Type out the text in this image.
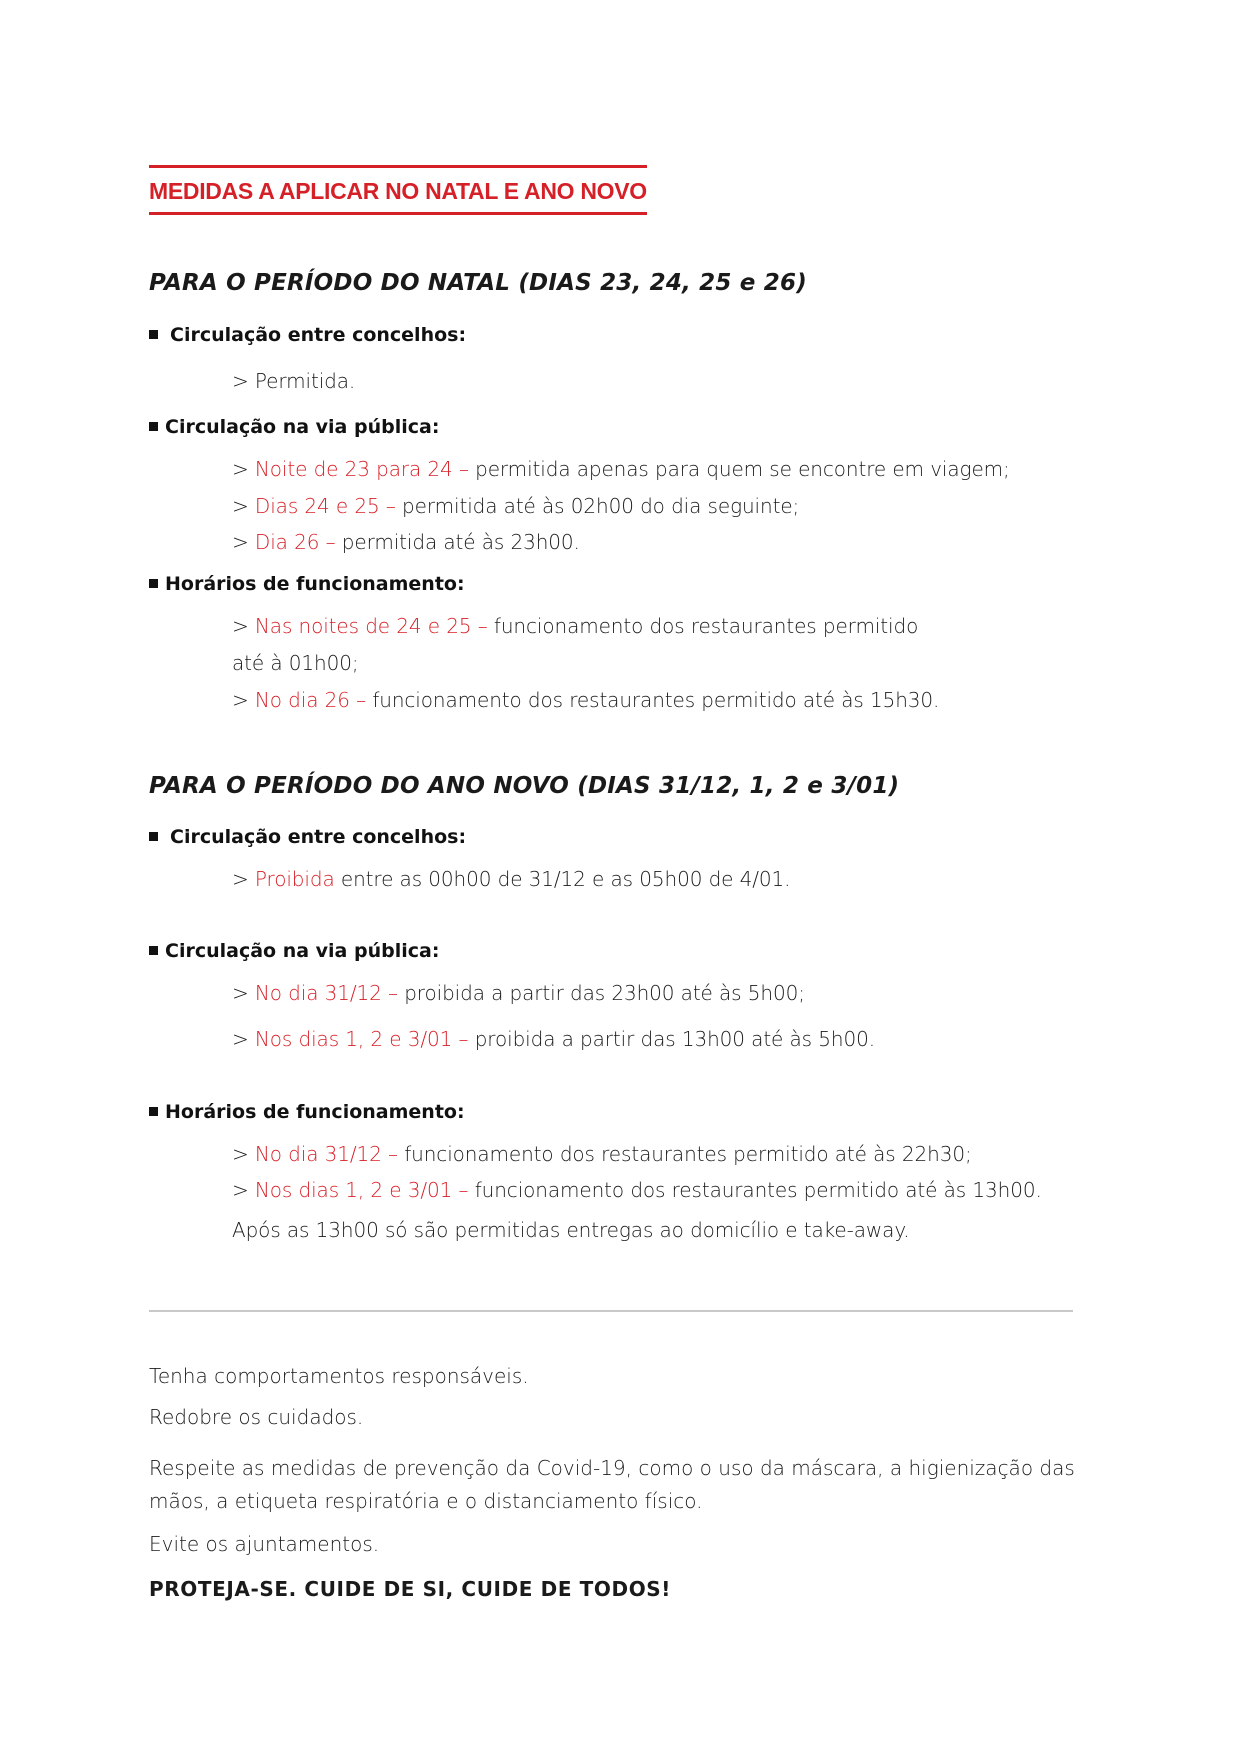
MEDIDAS A APLICAR NO NATAL E ANO NOVO
PARA O PERÍODO DO NATAL (DIAS 23, 24, 25 e 26)
Circulação entre concelhos:
> Permitida.
Circulação na via pública:
> Noite de 23 para 24 – permitida apenas para quem se encontre em viagem;
> Dias 24 e 25 – permitida até às 02h00 do dia seguinte;
> Dia 26 – permitida até às 23h00.
Horários de funcionamento:
> Nas noites de 24 e 25 – funcionamento dos restaurantes permitido
até à 01h00;
> No dia 26 – funcionamento dos restaurantes permitido até às 15h30.
PARA O PERÍODO DO ANO NOVO (DIAS 31/12, 1, 2 e 3/01)
Circulação entre concelhos:
> Proibida entre as 00h00 de 31/12 e as 05h00 de 4/01.
Circulação na via pública:
> No dia 31/12 – proibida a partir das 23h00 até às 5h00;
> Nos dias 1, 2 e 3/01 – proibida a partir das 13h00 até às 5h00.
Horários de funcionamento:
> No dia 31/12 – funcionamento dos restaurantes permitido até às 22h30;
> Nos dias 1, 2 e 3/01 – funcionamento dos restaurantes permitido até às 13h00.
Após as 13h00 só são permitidas entregas ao domicílio e take-away.
Tenha comportamentos responsáveis.
Redobre os cuidados.
Respeite as medidas de prevenção da Covid-19, como o uso da máscara, a higienização das mãos, a etiqueta respiratória e o distanciamento físico.
Evite os ajuntamentos.
PROTEJA-SE. CUIDE DE SI, CUIDE DE TODOS!
